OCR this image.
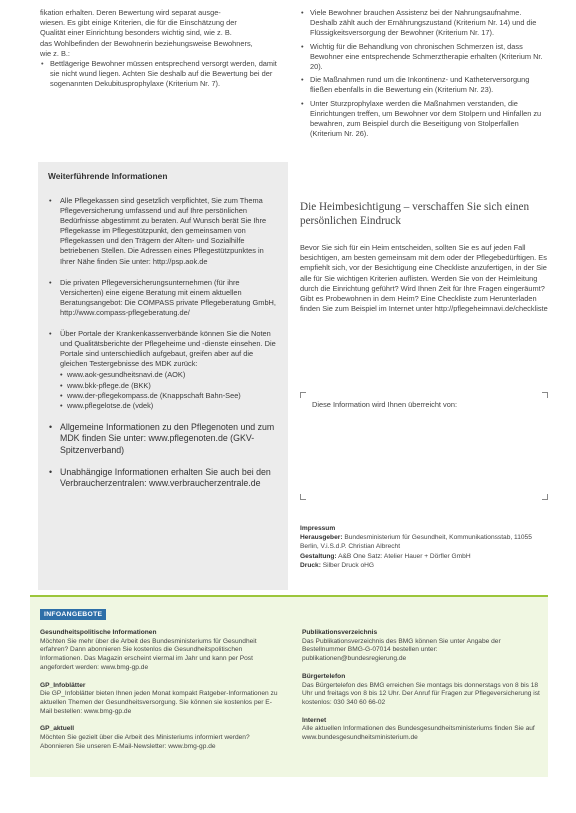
fikation erhalten. Deren Bewertung wird separat ausge-

wiesen. Es gibt einige Kriterien, die für die Einschätzung der

Qualität einer Einrichtung besonders wichtig sind, wie z. B.

das Wohlbefinden der Bewohnerin beziehungsweise Bewohners,

wie z. B.:

• Bettlägerige Bewohner müssen entsprechend versorgt werden, damit sie nicht wund liegen. Achten Sie deshalb auf die Bewertung bei der sogenannten Dekubitusprophylaxe (Kriterium Nr. 7).
Weiterführende Informationen
• Alle Pflegekassen sind gesetzlich verpflichtet, Sie zum Thema Pflegeversicherung umfassend und auf Ihre persönlichen Bedürfnisse abgestimmt zu beraten. Auf Wunsch berät Sie Ihre Pflegekasse im Pflegestützpunkt, den gemeinsamen von Pflegekassen und den Trägern der Alten- und Sozialhilfe betriebenen Stellen. Die Adressen eines Pflegestützpunktes in Ihrer Nähe finden Sie unter: http://psp.aok.de
• Die privaten Pflegeversicherungsunternehmen (für ihre Versicherten) eine eigene Beratung mit einem aktuellen Beratungsangebot: Die COMPASS private Pflegeberatung GmbH, http://www.compass-pflegeberatung.de/
• Über Portale der Krankenkassenverbände können Sie die Noten und Qualitätsberichte der Pflegeheime und -dienste einsehen. Die Portale sind unterschiedlich aufgebaut, greifen aber auf die gleichen Testergebnisse des MDK zurück:
• www.aok-gesundheitsnavi.de (AOK)
• www.bkk-pflege.de (BKK)
• www.der-pflegekompass.de (Knappschaft Bahn-See)
• www.pflegelotse.de (vdek)
• Allgemeine Informationen zu den Pflegenoten und zum MDK finden Sie unter: www.pflegenoten.de (GKV-Spitzenverband)
• Unabhängige Informationen erhalten Sie auch bei den Verbraucherzentralen: www.verbraucherzentrale.de
• Viele Bewohner brauchen Assistenz bei der Nahrungsaufnahme. Deshalb zählt auch der Ernährungszustand (Kriterium Nr. 14) und die Flüssigkeitsversorgung der Bewohner (Kriterium Nr. 17).
• Wichtig für die Behandlung von chronischen Schmerzen ist, dass Bewohner eine entsprechende Schmerztherapie erhalten (Kriterium Nr. 20).
• Die Maßnahmen rund um die Inkontinenz- und Katheterversorgung fließen ebenfalls in die Bewertung ein (Kriterium Nr. 23).
• Unter Sturzprophylaxe werden die Maßnahmen verstanden, die Einrichtungen treffen, um Bewohner vor dem Stolpern und Hinfallen zu bewahren, zum Beispiel durch die Beseitigung von Stolperfallen (Kriterium Nr. 26).
Die Heimbesichtigung – verschaffen Sie sich einen persönlichen Eindruck

Bevor Sie sich für ein Heim entscheiden, sollten Sie es auf jeden Fall besichtigen, am besten gemeinsam mit dem oder der Pflegebedürftigen. Es empfiehlt sich, vor der Besichtigung eine Checkliste anzufertigen, in der Sie alle für Sie wichtigen Kriterien auflisten. Werden Sie von der Heimleitung durch die Einrichtung geführt? Wird Ihnen Zeit für Ihre Fragen eingeräumt? Gibt es Probewohnen in dem Heim? Eine Checkliste zum Herunterladen finden Sie zum Beispiel im Internet unter http://pflegeheimnavi.de/checkliste

Diese Information wird Ihnen überreicht von:
Impressum

Herausgeber: Bundesministerium für Gesundheit, Kommunikationsstab, 11055 Berlin, V.i.S.d.P. Christian Albrecht

Gestaltung: A&B One Satz: Atelier Hauer + Dörfler GmbH

Druck: Silber Druck oHG

INFOANGEBOTE
Gesundheitspolitische Informationen
Möchten Sie mehr über die Arbeit des Bundesministeriums für Gesundheit erfahren? Dann abonnieren Sie kostenlos die Gesundheitspolitischen Informationen. Das Magazin erscheint viermal im Jahr und kann per Post angefordert werden: www.bmg-gp.de
GP_Infoblätter
Die GP_Infoblätter bieten Ihnen jeden Monat kompakt Ratgeber-Informationen zu aktuellen Themen der Gesundheitsversorgung. Sie können sie kostenlos per E-Mail bestellen: www.bmg-gp.de
GP_aktuell
Möchten Sie gezielt über die Arbeit des Ministeriums informiert werden? Abonnieren Sie unseren E-Mail-Newsletter: www.bmg-gp.de
Publikationsverzeichnis
Das Publikationsverzeichnis des BMG können Sie unter Angabe der Bestellnummer BMG-G-07014 bestellen unter: publikationen@bundesregierung.de
Bürgertelefon
Das Bürgertelefon des BMG erreichen Sie montags bis donnerstags von 8 bis 18 Uhr und freitags von 8 bis 12 Uhr. Der Anruf für Fragen zur Pflegeversicherung ist kostenlos: 030 340 60 66-02
Internet
Alle aktuellen Informationen des Bundesgesundheitsministeriums finden Sie auf www.bundesgesundheitsministerium.de
